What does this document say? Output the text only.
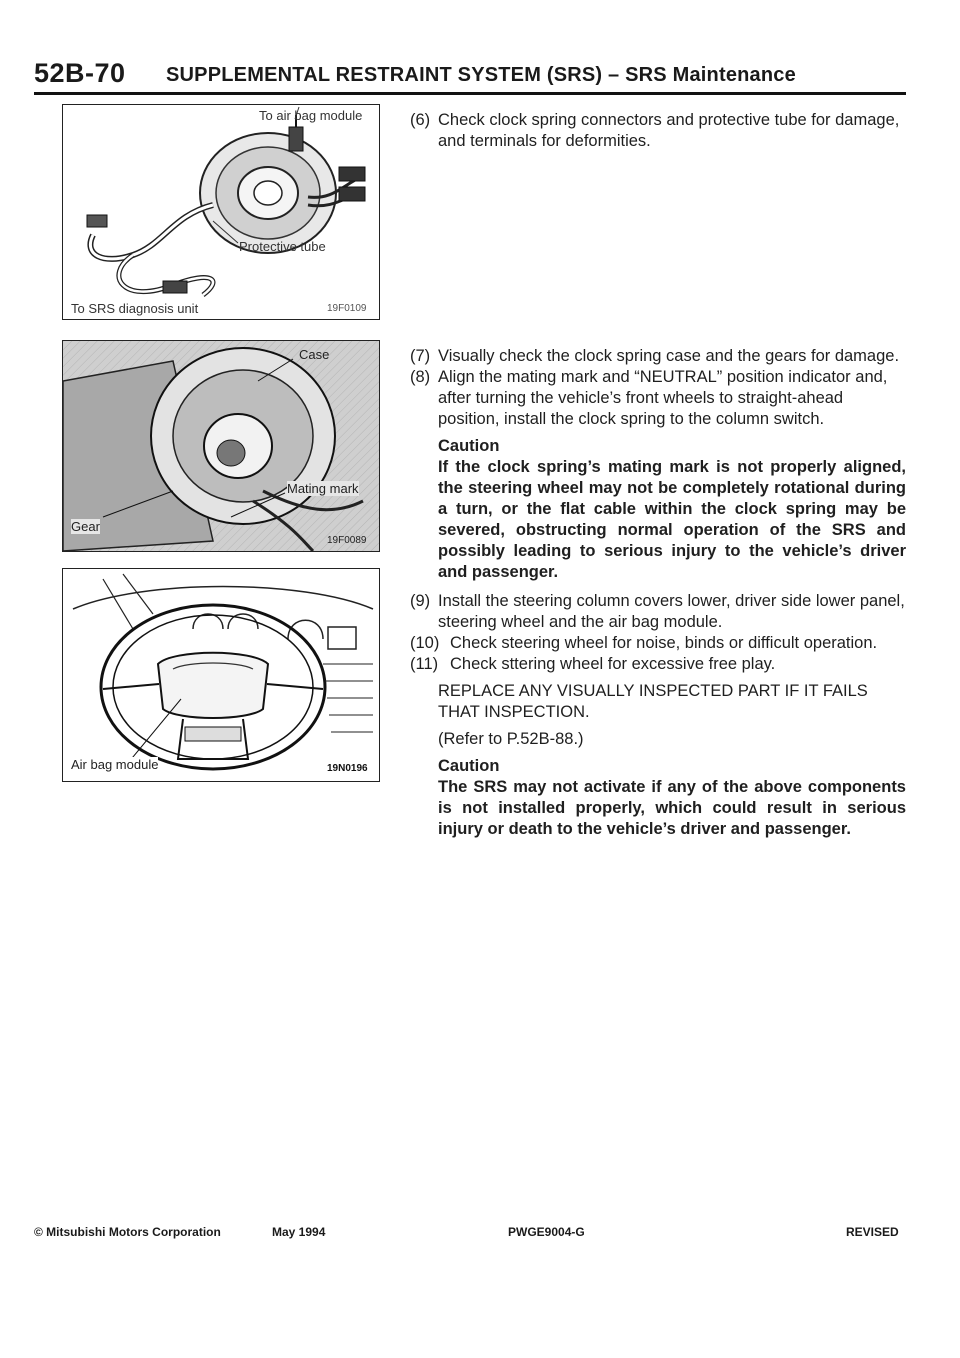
52B-70 SUPPLEMENTAL RESTRAINT SYSTEM (SRS) – SRS Maintenance
To air bag module
Protective tube
To SRS diagnosis unit	19F0109
Case
Mating mark
Gear
19F0089
Air bag module	19N0196
(6) Check clock spring connectors and protective tube for damage, and terminals for deformities.
(7) Visually check the clock spring case and the gears for damage.
(8) Align the mating mark and “NEUTRAL” position indicator and, after turning the vehicle’s front wheels to straight-ahead position, install the clock spring to the column switch.
Caution
If the clock spring’s mating mark is not properly aligned, the steering wheel may not be completely rotational during a turn, or the flat cable within the clock spring may be severed, obstructing normal operation of the SRS and possibly leading to serious injury to the vehicle’s driver and passenger.
(9) Install the steering column covers lower, driver side lower panel, steering wheel and the air bag module.
(10) Check steering wheel for noise, binds or difficult operation.
(11) Check sttering wheel for excessive free play.
REPLACE ANY VISUALLY INSPECTED PART IF IT FAILS THAT INSPECTION.
(Refer to P.52B-88.)
Caution
The SRS may not activate if any of the above components is not installed properly, which could result in serious injury or death to the vehicle’s driver and passenger.
© Mitsubishi Motors Corporation	May 1994	PWGE9004-G	REVISED
